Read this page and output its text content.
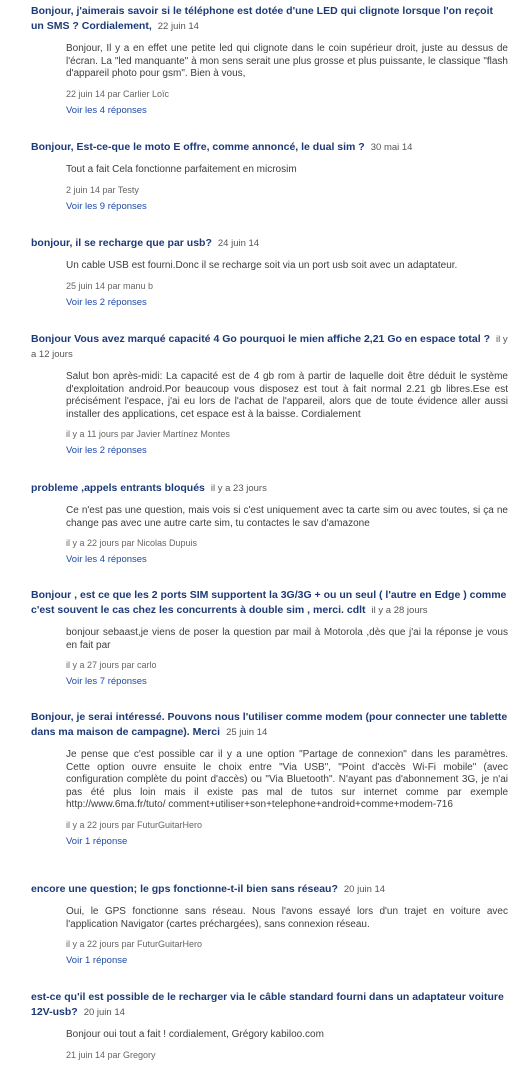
Bonjour, j'aimerais savoir si le téléphone est dotée d'une LED qui clignote lorsque l'on reçoit un SMS ? Cordialement, 22 juin 14

Bonjour, Il y a en effet une petite led qui clignote dans le coin supérieur droit, juste au dessus de l'écran. La "led manquante" à mon sens serait une plus grosse et plus puissante, le classique "flash d'appareil photo pour gsm". Bien à vous,
22 juin 14 par Carlier Loïc
Voir les 4 réponses

Bonjour, Est-ce-que le moto E offre, comme annoncé, le dual sim ? 30 mai 14

Tout a fait Cela fonctionne parfaitement en microsim
2 juin 14 par Testy
Voir les 9 réponses

bonjour, il se recharge que par usb? 24 juin 14

Un cable USB est fourni.Donc il se recharge soit via un port usb soit avec un adaptateur.
25 juin 14 par manu b
Voir les 2 réponses

Bonjour Vous avez marqué capacité 4 Go pourquoi le mien affiche 2,21 Go en espace total ? il y a 12 jours

Salut bon après-midi: La capacité est de 4 gb rom à partir de laquelle doit être déduit le système d'exploitation android.Por beaucoup vous disposez est tout à fait normal 2.21 gb libres.Ese est précisément l'espace, j'ai eu lors de l'achat de l'appareil, alors que de toute évidence aller aussi installer des applications, cet espace est à la baisse. Cordialement
il y a 11 jours par Javier Martínez Montes
Voir les 2 réponses

probleme ,appels entrants bloqués il y a 23 jours

Ce n'est pas une question, mais vois si c'est uniquement avec ta carte sim ou avec toutes, si ça ne change pas avec une autre carte sim, tu contactes le sav d'amazone
il y a 22 jours par Nicolas Dupuis
Voir les 4 réponses

Bonjour , est ce que les 2 ports SIM supportent la 3G/3G + ou un seul ( l'autre en Edge ) comme c'est souvent le cas chez les concurrents à double sim , merci. cdlt il y a 28 jours

bonjour sebaast,je viens de poser la question par mail à Motorola ,dès que j'ai la réponse je vous en fait par
il y a 27 jours par carlo
Voir les 7 réponses

Bonjour, je serai intéressé. Pouvons nous l'utiliser comme modem (pour connecter une tablette dans ma maison de campagne). Merci 25 juin 14

Je pense que c'est possible car il y a une option "Partage de connexion" dans les paramètres. Cette option ouvre ensuite le choix entre "Via USB", "Point d'accès Wi-Fi mobile" (avec configuration complète du point d'accès) ou "Via Bluetooth". N'ayant pas d'abonnement 3G, je n'ai pas été plus loin mais il existe pas mal de tutos sur internet comme par exemple http://www.6ma.fr/tuto/ comment+utiliser+son+telephone+android+comme+modem-716
il y a 22 jours par FuturGuitarHero
Voir 1 réponse

encore une question; le gps fonctionne-t-il bien sans réseau? 20 juin 14

Oui, le GPS fonctionne sans réseau. Nous l'avons essayé lors d'un trajet en voiture avec l'application Navigator (cartes préchargées), sans connexion réseau.
il y a 22 jours par FuturGuitarHero
Voir 1 réponse

est-ce qu'il est possible de le recharger via le câble standard fourni dans un adaptateur voiture 12V-usb? 20 juin 14

Bonjour oui tout a fait ! cordialement, Grégory kabiloo.com
21 juin 14 par Gregory
